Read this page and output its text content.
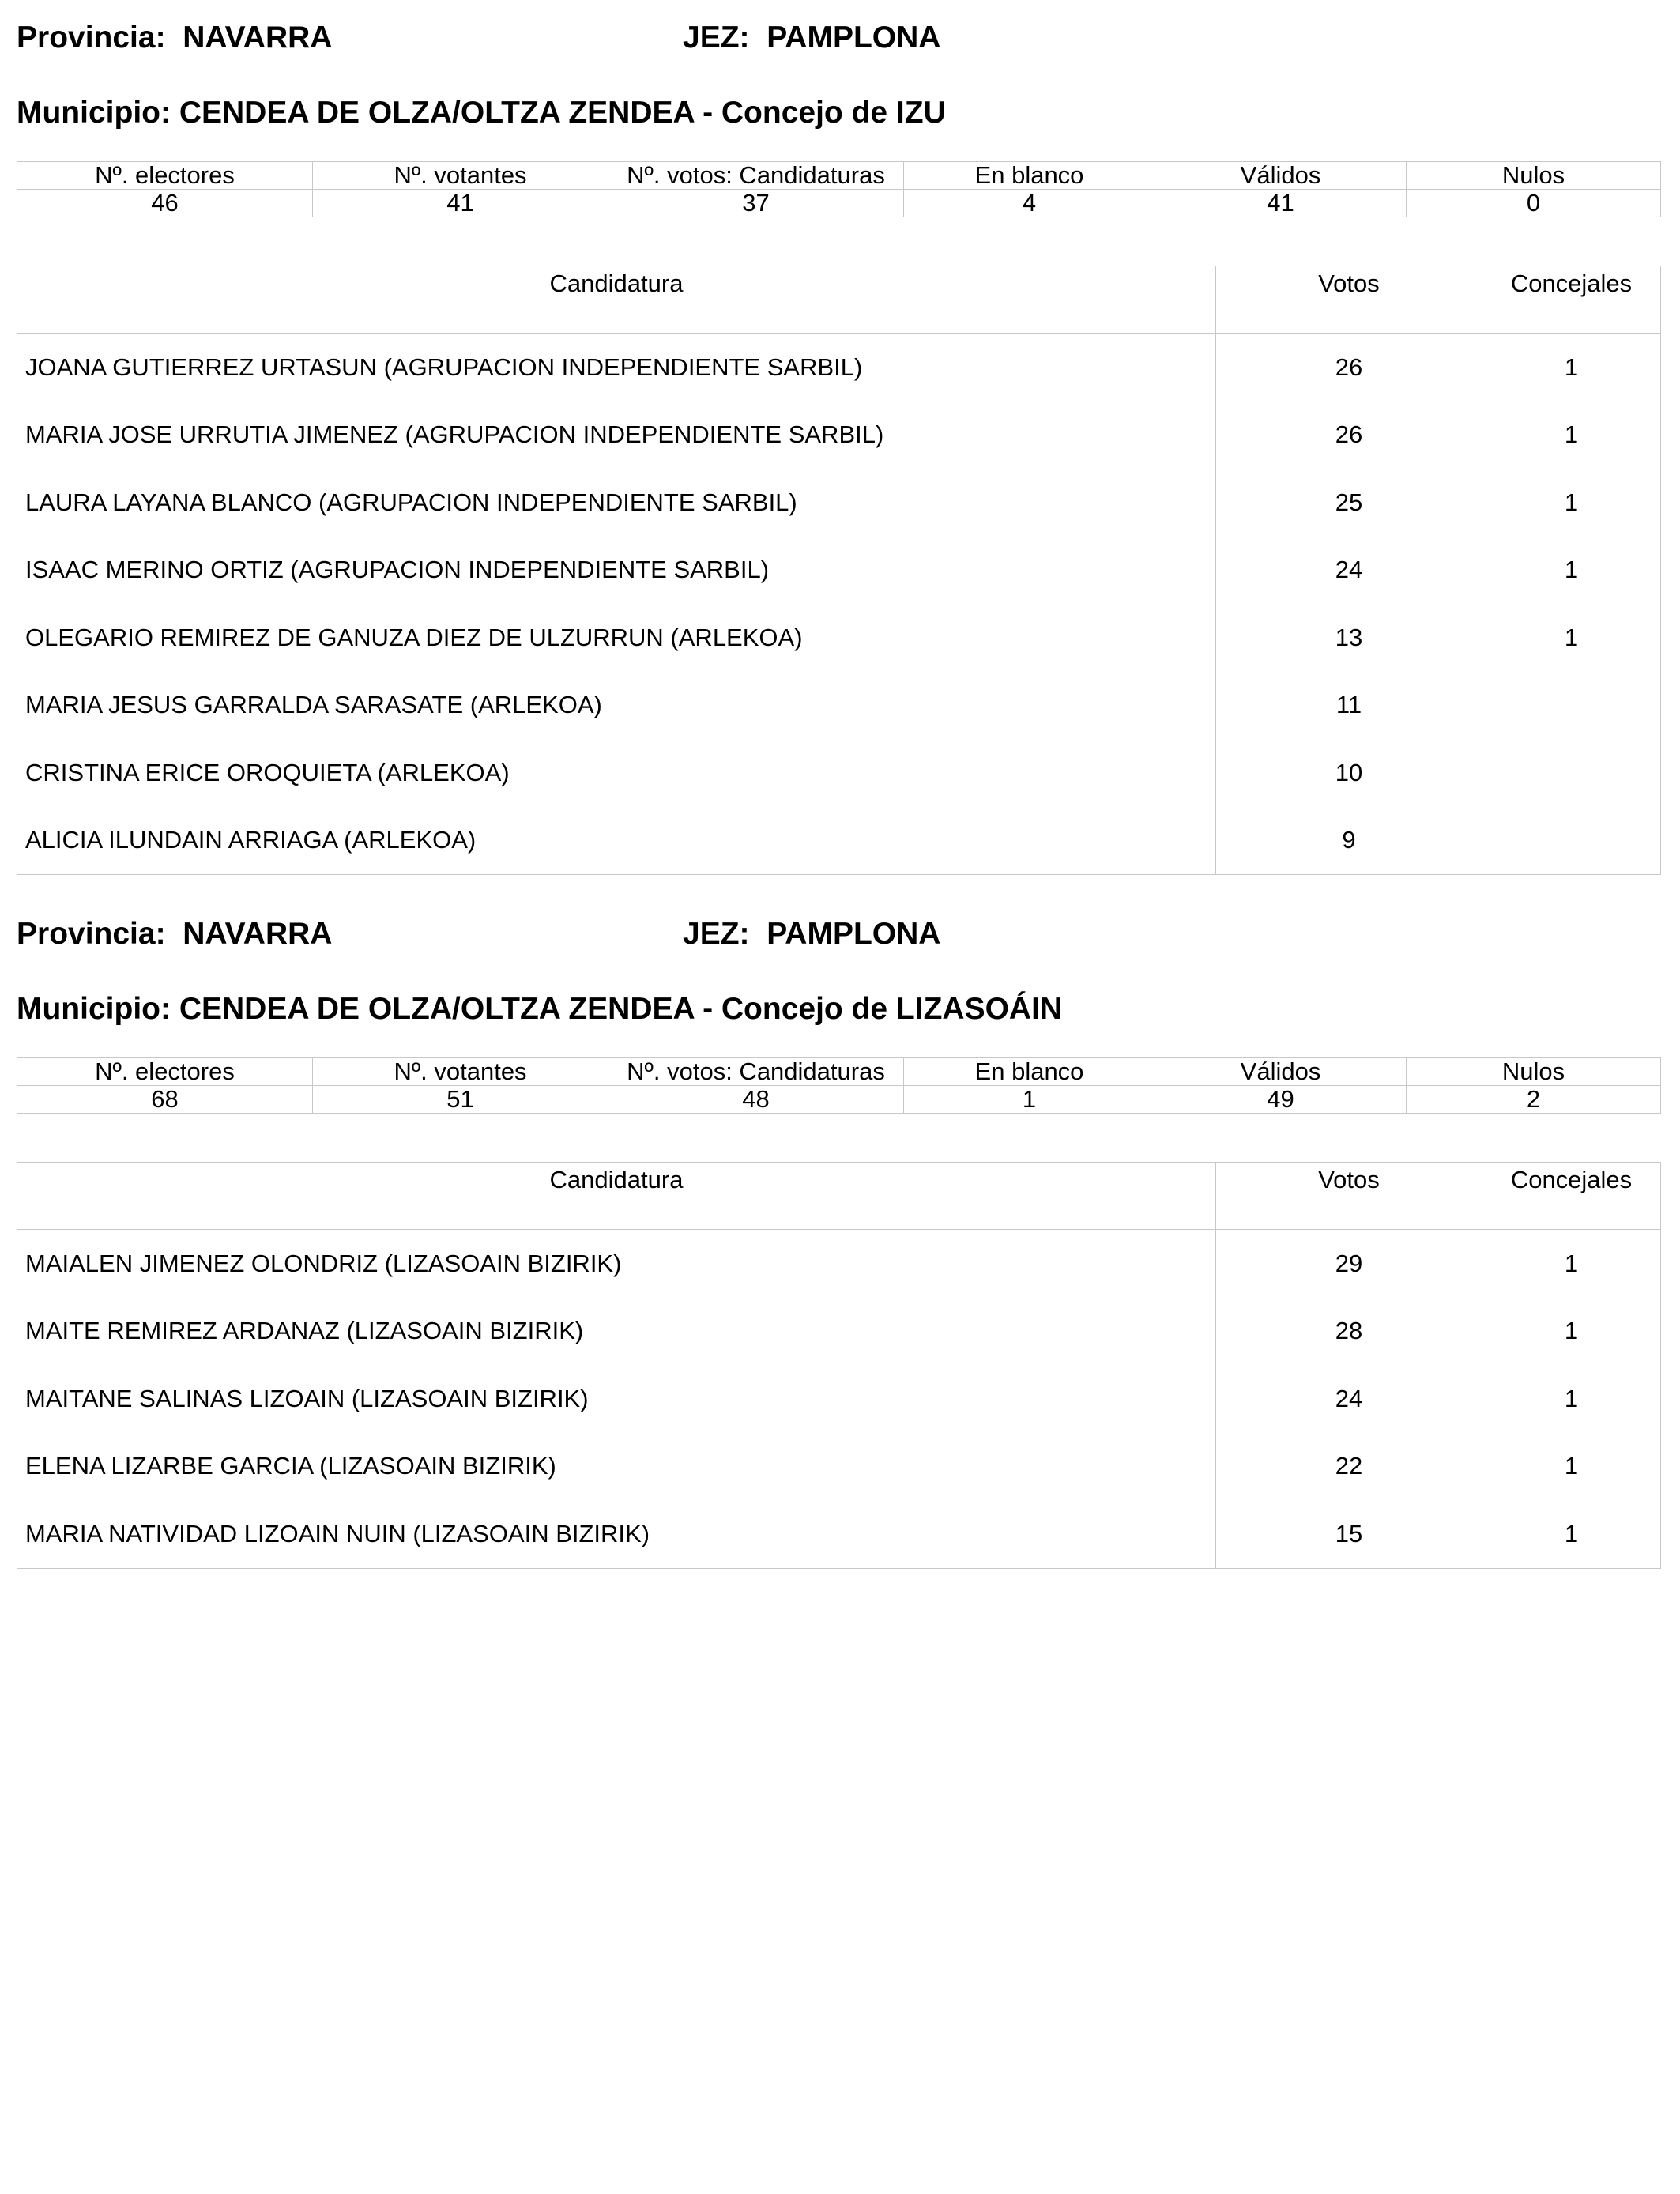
Provincia: NAVARRA	JEZ: PAMPLONA
Municipio: CENDEA DE OLZA/OLTZA ZENDEA - Concejo de IZU
Nº. electores	Nº. votantes	Nº. votos: Candidaturas	En blanco	Válidos	Nulos
46	41	37	4	41	0
Candidatura	Votos	Concejales
JOANA GUTIERREZ URTASUN (AGRUPACION INDEPENDIENTE SARBIL)	26	1
MARIA JOSE URRUTIA JIMENEZ (AGRUPACION INDEPENDIENTE SARBIL)	26	1
LAURA LAYANA BLANCO (AGRUPACION INDEPENDIENTE SARBIL)	25	1
ISAAC MERINO ORTIZ (AGRUPACION INDEPENDIENTE SARBIL)	24	1
OLEGARIO REMIREZ DE GANUZA DIEZ DE ULZURRUN (ARLEKOA)	13	1
MARIA JESUS GARRALDA SARASATE (ARLEKOA)	11	
CRISTINA ERICE OROQUIETA (ARLEKOA)	10	
ALICIA ILUNDAIN ARRIAGA (ARLEKOA)	9	
Provincia: NAVARRA	JEZ: PAMPLONA
Municipio: CENDEA DE OLZA/OLTZA ZENDEA - Concejo de LIZASOÁIN
Nº. electores	Nº. votantes	Nº. votos: Candidaturas	En blanco	Válidos	Nulos
68	51	48	1	49	2
Candidatura	Votos	Concejales
MAIALEN JIMENEZ OLONDRIZ (LIZASOAIN BIZIRIK)	29	1
MAITE REMIREZ ARDANAZ (LIZASOAIN BIZIRIK)	28	1
MAITANE SALINAS LIZOAIN (LIZASOAIN BIZIRIK)	24	1
ELENA LIZARBE GARCIA (LIZASOAIN BIZIRIK)	22	1
MARIA NATIVIDAD LIZOAIN NUIN (LIZASOAIN BIZIRIK)	15	1
